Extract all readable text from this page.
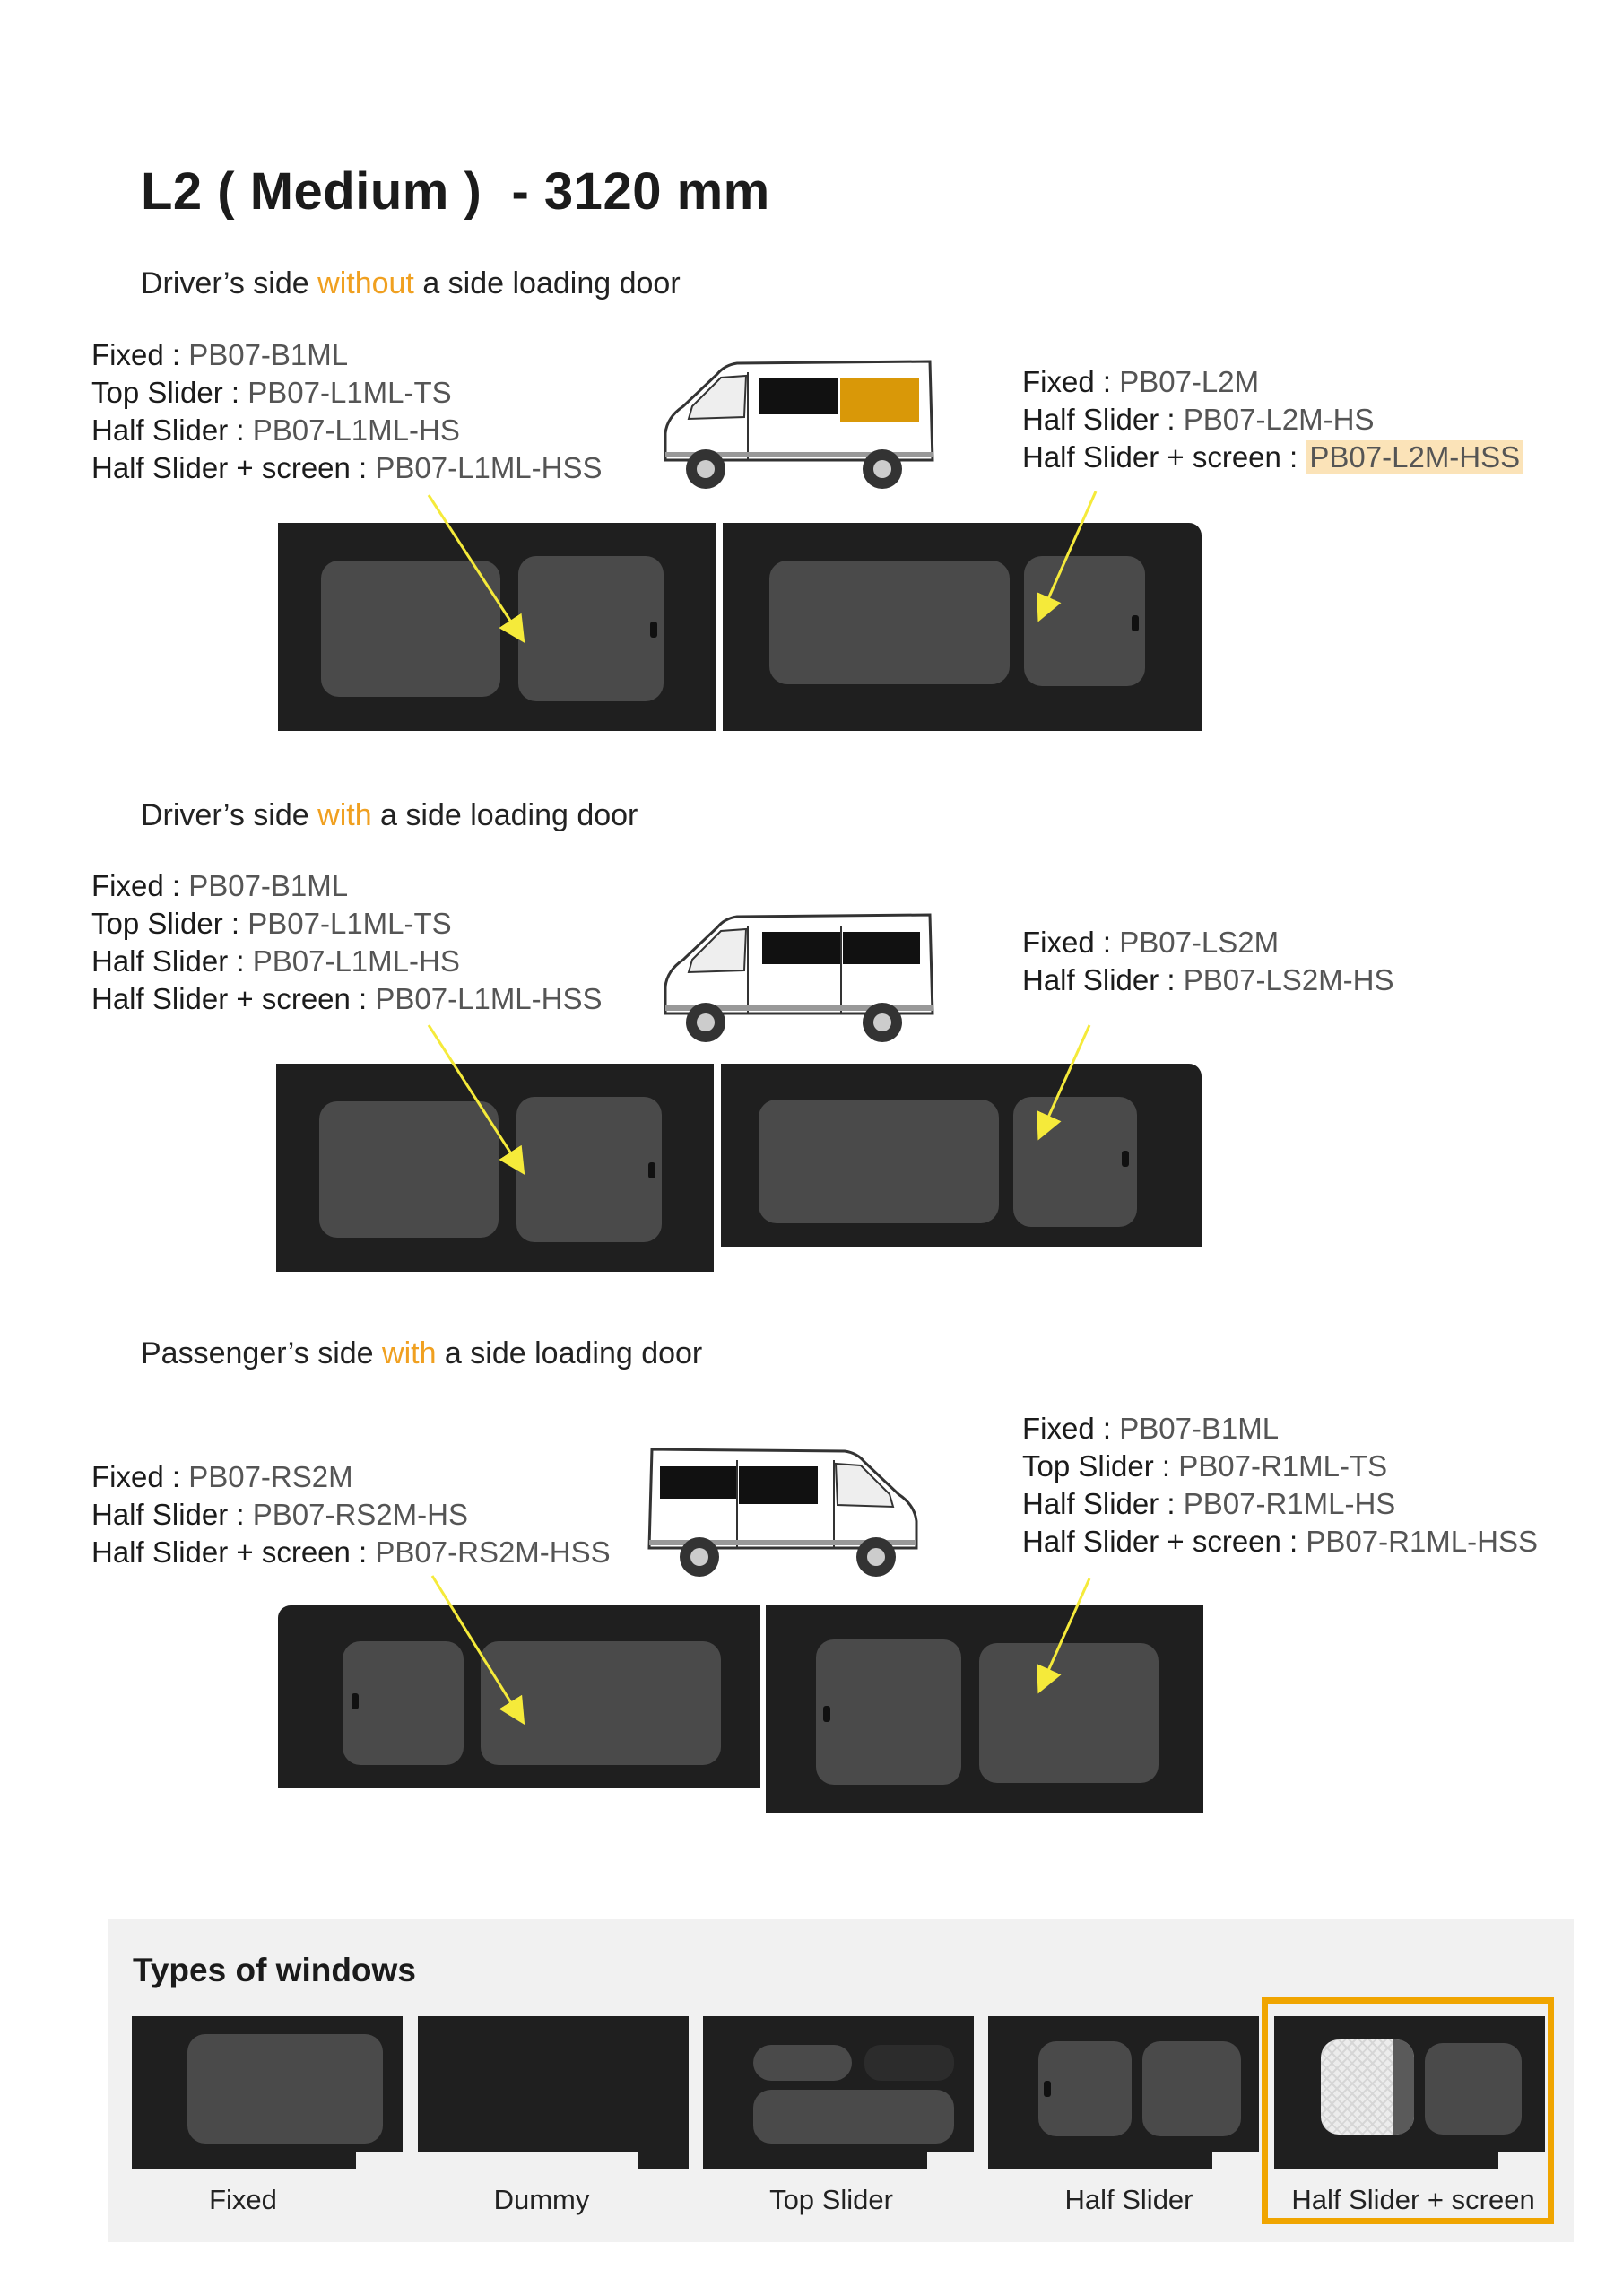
L2 ( Medium )  - 3120 mm
Driver’s side without a side loading door
Fixed : PB07-B1ML
Top Slider : PB07-L1ML-TS
Half Slider : PB07-L1ML-HS
Half Slider + screen : PB07-L1ML-HSS
Fixed : PB07-L2M
Half Slider : PB07-L2M-HS
Half Slider + screen : PB07-L2M-HSS
Driver’s side with a side loading door
Fixed : PB07-B1ML
Top Slider : PB07-L1ML-TS
Half Slider : PB07-L1ML-HS
Half Slider + screen : PB07-L1ML-HSS
Fixed : PB07-LS2M
Half Slider : PB07-LS2M-HS
Passenger’s side with a side loading door
Fixed : PB07-RS2M
Half Slider : PB07-RS2M-HS
Half Slider + screen : PB07-RS2M-HSS
Fixed : PB07-B1ML
Top Slider : PB07-R1ML-TS
Half Slider : PB07-R1ML-HS
Half Slider + screen : PB07-R1ML-HSS
Types of windows
Fixed	Dummy	Top Slider	Half Slider	Half Slider + screen
